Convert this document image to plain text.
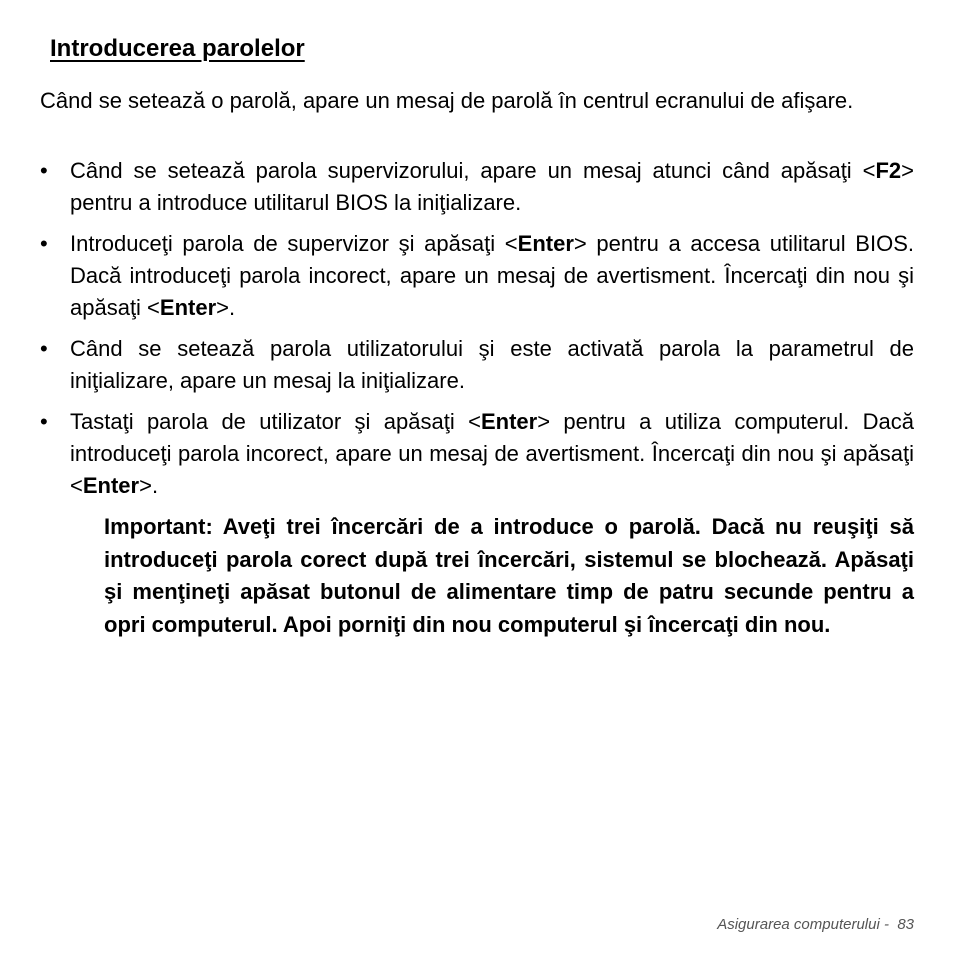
Introducerea parolelor

Când se setează o parolă, apare un mesaj de parolă în centrul ecranului de afişare.

•	Când se setează parola supervizorului, apare un mesaj atunci când apăsaţi <F2> pentru a introduce utilitarul BIOS la iniţializare.
•	Introduceţi parola de supervizor şi apăsaţi <Enter> pentru a accesa utilitarul BIOS. Dacă introduceţi parola incorect, apare un mesaj de avertisment. Încercaţi din nou şi apăsaţi <Enter>.
•	Când se setează parola utilizatorului şi este activată parola la parametrul de iniţializare, apare un mesaj la iniţializare.
•	Tastaţi parola de utilizator şi apăsaţi <Enter> pentru a utiliza computerul. Dacă introduceţi parola incorect, apare un mesaj de avertisment. Încercaţi din nou şi apăsaţi <Enter>.

Important: Aveţi trei încercări de a introduce o parolă. Dacă nu reuşiţi să introduceţi parola corect după trei încercări, sistemul se blochează. Apăsaţi şi menţineţi apăsat butonul de alimentare timp de patru secunde pentru a opri computerul. Apoi porniţi din nou computerul şi încercaţi din nou.

Asigurarea computerului - 83
